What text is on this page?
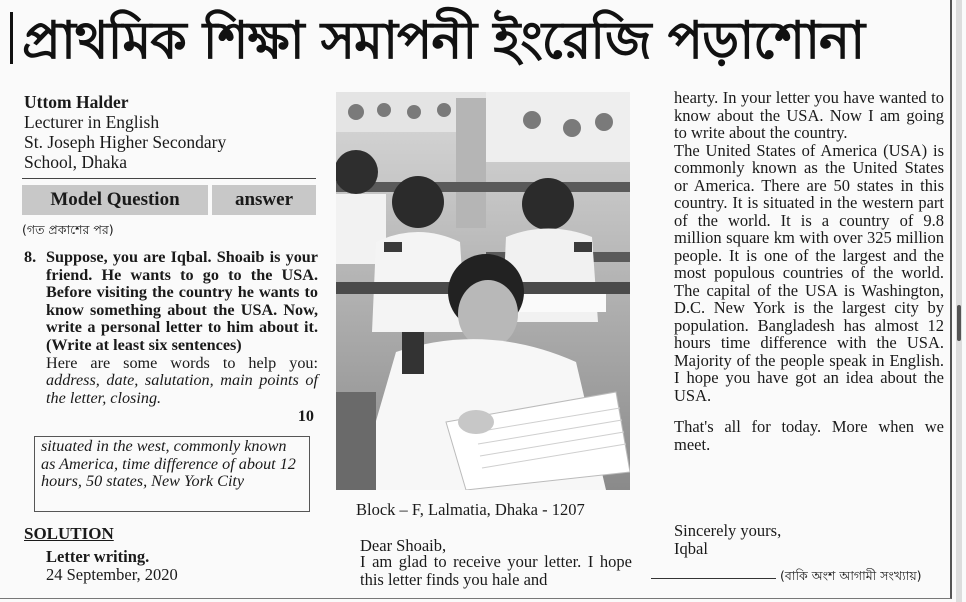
প্রাথমিক শিক্ষা সমাপনী ইংরেজি পড়াশোনা
Uttom Halder
Lecturer in English
St. Joseph Higher Secondary
School, Dhaka
Model Question	answer
(গত প্রকাশের পর)
8. Suppose, you are Iqbal. Shoaib is your friend. He wants to go to the USA. Before visiting the country he wants to know something about the USA. Now, write a personal letter to him about it. (Write at least six sentences)
Here are some words to help you: address, date, salutation, main points of the letter, closing.
10
situated in the west, commonly known as America, time difference of about 12 hours, 50 states, New York City
SOLUTION
Letter writing.
24 September, 2020
Block – F, Lalmatia, Dhaka - 1207
Dear Shoaib,
I am glad to receive your letter. I hope this letter finds you hale and

hearty. In your letter you have wanted to know about the USA. Now I am going to write about the country.

The United States of America (USA) is commonly known as the United States or America. There are 50 states in this country. It is situated in the western part of the world. It is a country of 9.8 million square km with over 325 million people. It is one of the largest and the most populous countries of the world. The capital of the USA is Washington, D.C. New York is the largest city by population. Bangladesh has almost 12 hours time difference with the USA. Majority of the people speak in English. I hope you have got an idea about the USA.

That's all for today. More when we meet.

Sincerely yours,
Iqbal
(বাকি অংশ আগামী সংখ্যায়)
